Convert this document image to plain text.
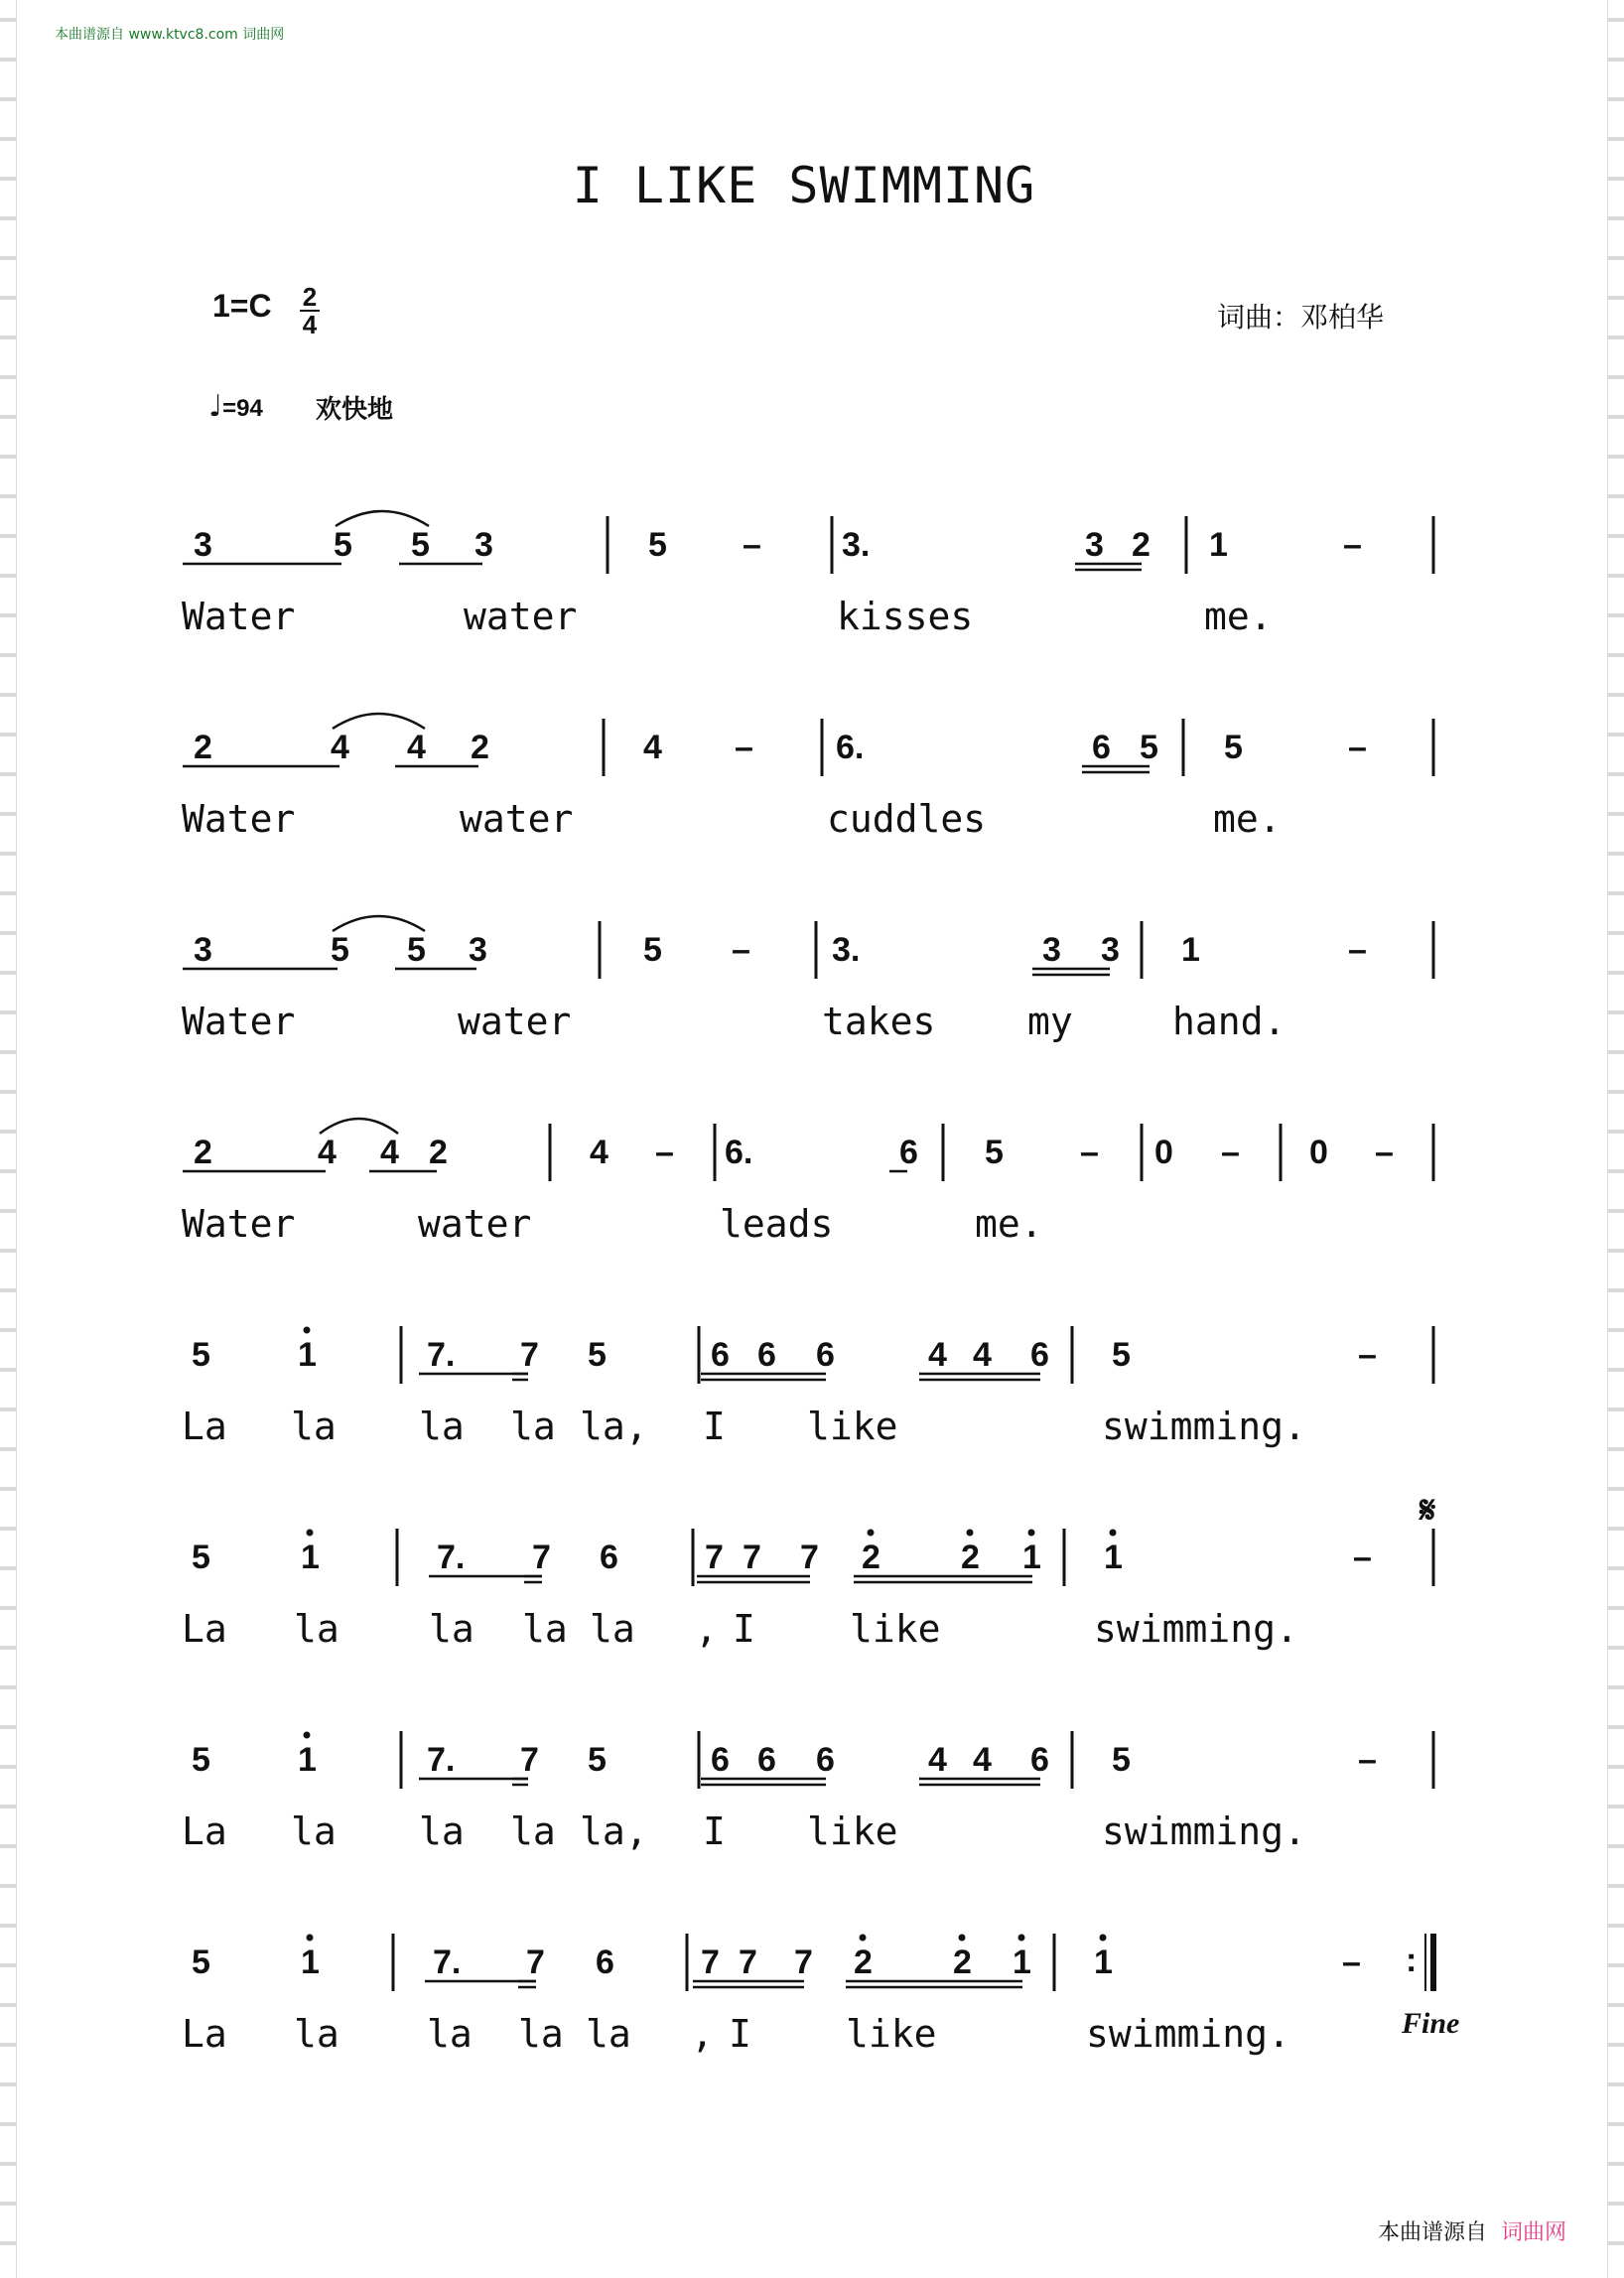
本曲谱源自 www.ktvc8.com 词曲网
I LIKE SWIMMING
1=C 2
4	词曲：邓柏华
♩=94 欢快地
3	5 5 3	5 – 3.	3 2 1	–
Water	water	kisses	me.
2	4 4 2	4 – 6.	6 5 5	–
Water	water	cuddles	me.
3	5 5 3	5 – 3.	3 3 1	–
Water	water	takes my	hand.
2	4 4 2	4 – 6.	6 5 – 0 – 0 –
Water	water	leads	me.
5	1	7. 7 5	6 6 6	4 4 6 5	–
La la la la la, I like	swimming.
5	1	7. 7 6	7 7 7 2 2 1 1	–
𝄋
La la la la la , I	like	swimming.
5	1	7. 7 5	6 6 6	4 4 6 5	–
La la la la la, I like	swimming.
5	1	7. 7 6	7 7 7 2 2 1 1	– :
Fine
La la la la la , I	like	swimming.
本曲谱源自 词曲网
